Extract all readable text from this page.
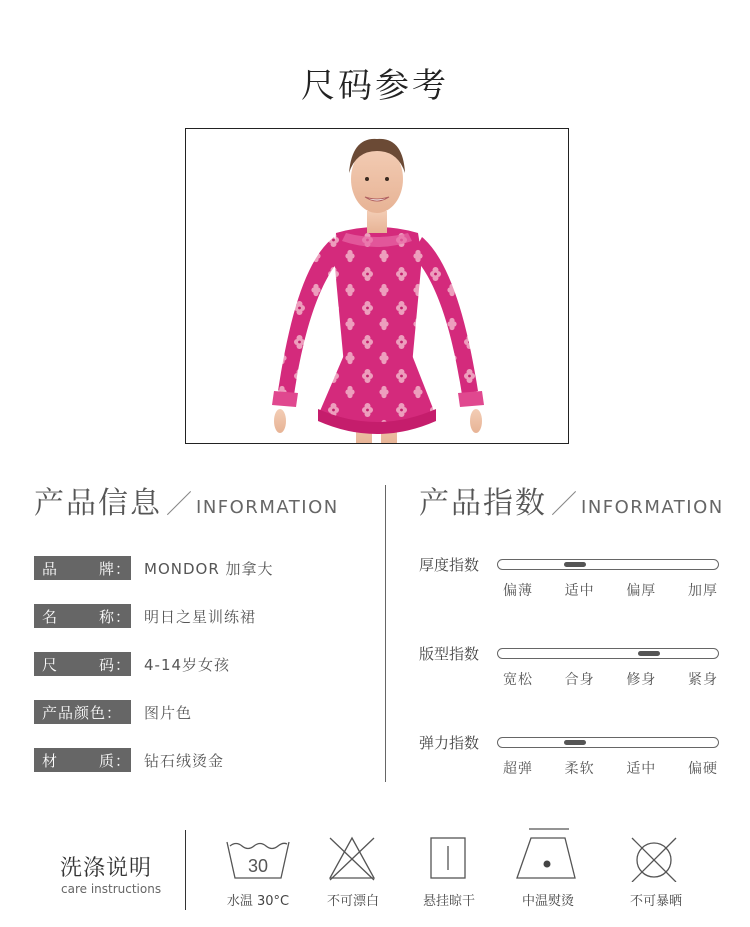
尺码参考
产品信息 ／ INFORMATION	产品指数 ／ INFORMATION
品	牌： MONDOR 加拿大
名	称： 明日之星训练裙
尺	码： 4-14岁女孩
产品颜色： 图片色
材	质： 钻石绒烫金
厚度指数
偏薄 适中 偏厚 加厚
版型指数
宽松 合身 修身 紧身
弹力指数
超弹 柔软 适中 偏硬
洗涤说明
care instructions
30
水温 30°C	不可漂白	悬挂晾干	中温熨烫	不可暴晒
